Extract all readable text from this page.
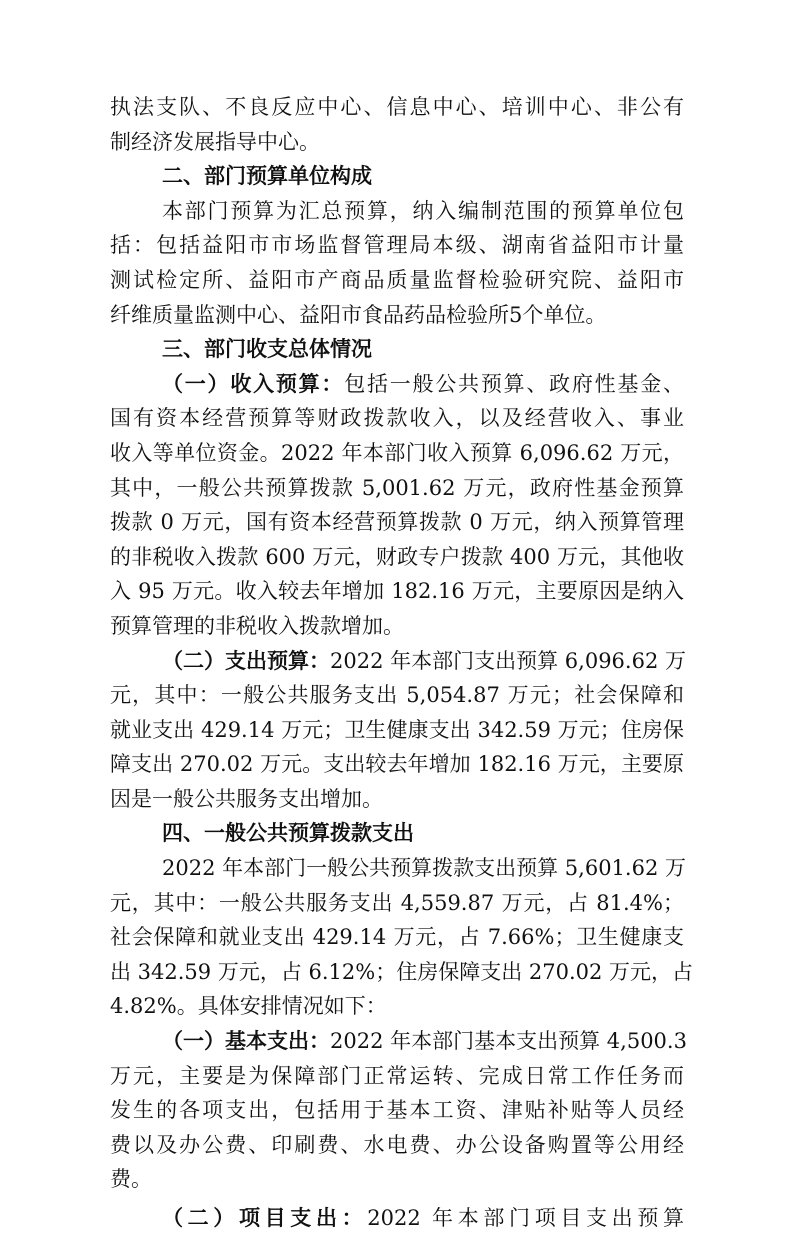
执法支队、不良反应中心、信息中心、培训中心、非公有
制经济发展指导中心。
二、部门预算单位构成
本部门预算为汇总预算，纳入编制范围的预算单位包
括：包括益阳市市场监督管理局本级、湖南省益阳市计量
测试检定所、益阳市产商品质量监督检验研究院、益阳市
纤维质量监测中心、益阳市食品药品检验所5个单位。
三、部门收支总体情况
（一）收入预算：包括一般公共预算、政府性基金、
国有资本经营预算等财政拨款收入，以及经营收入、事业
收入等单位资金。2022 年本部门收入预算 6,096.62 万元，
其中，一般公共预算拨款 5,001.62 万元，政府性基金预算
拨款 0 万元，国有资本经营预算拨款 0 万元，纳入预算管理
的非税收入拨款 600 万元，财政专户拨款 400 万元，其他收
入 95 万元。收入较去年增加 182.16 万元，主要原因是纳入
预算管理的非税收入拨款增加。
（二）支出预算：2022 年本部门支出预算 6,096.62 万
元，其中：一般公共服务支出 5,054.87 万元；社会保障和
就业支出 429.14 万元；卫生健康支出 342.59 万元；住房保
障支出 270.02 万元。支出较去年增加 182.16 万元，主要原
因是一般公共服务支出增加。
四、一般公共预算拨款支出
2022 年本部门一般公共预算拨款支出预算 5,601.62 万
元，其中：一般公共服务支出 4,559.87 万元，占 81.4%；
社会保障和就业支出 429.14 万元，占 7.66%；卫生健康支
出 342.59 万元，占 6.12%；住房保障支出 270.02 万元，占
4.82%。具体安排情况如下：
（一）基本支出：2022 年本部门基本支出预算 4,500.3
万元，主要是为保障部门正常运转、完成日常工作任务而
发生的各项支出，包括用于基本工资、津贴补贴等人员经
费以及办公费、印刷费、水电费、办公设备购置等公用经
费。
（二）项目支出：2022 年本部门项目支出预算
